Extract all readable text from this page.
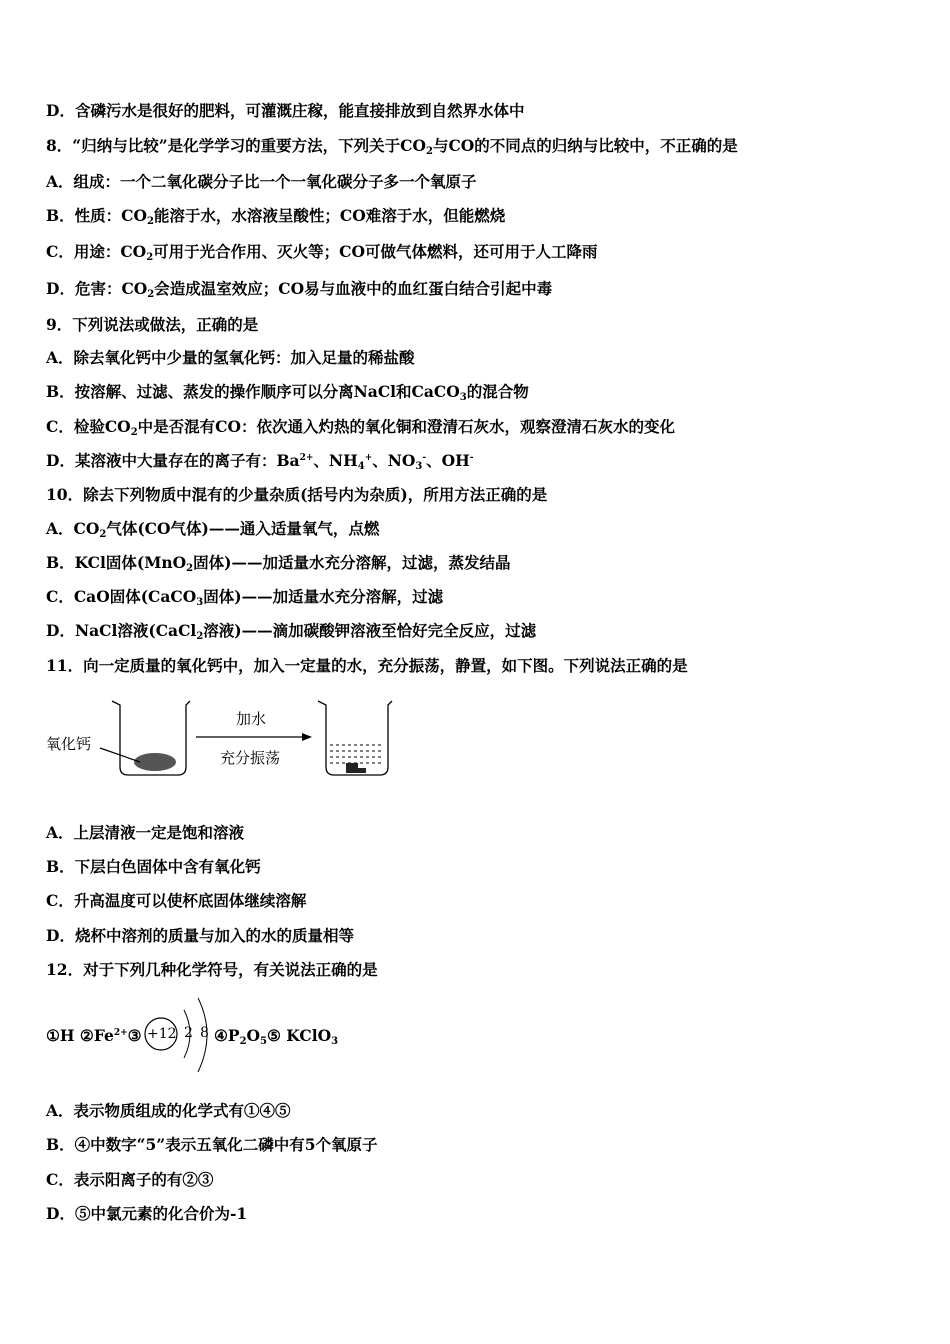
D．含磷污水是很好的肥料，可灌溉庄稼，能直接排放到自然界水体中
8．“归纳与比较”是化学学习的重要方法，下列关于$CO_2$与CO的不同点的归纳与比较中，不正确的是
A．组成：一个二氧化碳分子比一个一氧化碳分子多一个氧原子
B．性质：$CO_2$能溶于水，水溶液呈酸性；CO难溶于水，但能燃烧
C．用途：$CO_2$可用于光合作用、灭火等；CO可做气体燃料，还可用于人工降雨
D．危害：$CO_2$会造成温室效应；CO易与血液中的血红蛋白结合引起中毒
9．下列说法或做法，正确的是
A．除去氧化钙中少量的氢氧化钙：加入足量的稀盐酸
B．按溶解、过滤、蒸发的操作顺序可以分离NaCl和CaCO$_3$的混合物
C．检验$CO_2$中是否混有CO：依次通入灼热的氧化铜和澄清石灰水，观察澄清石灰水的变化
D．某溶液中大量存在的离子有：$Ba^{2+}$、$NH_4^+$、$NO_3^-$、OH-
10．除去下列物质中混有的少量杂质(括号内为杂质)，所用方法正确的是
A．$CO_2$气体(CO气体)——通入适量氧气，点燃
B．KCl固体(MnO$_2$固体)——加适量水充分溶解，过滤，蒸发结晶
C．CaO固体(CaCO$_3$固体)——加适量水充分溶解，过滤
D．NaCl溶液(CaCl$_2$溶液)——滴加碳酸钾溶液至恰好完全反应，过滤
11．向一定质量的氧化钙中，加入一定量的水，充分振荡，静置，如下图。下列说法正确的是
氧化钙
加水
充分振荡
A．上层清液一定是饱和溶液
B．下层白色固体中含有氧化钙
C．升高温度可以使杯底固体继续溶解
D．烧杯中溶剂的质量与加入的水的质量相等
12．对于下列几种化学符号，有关说法正确的是
①H $②Fe^{2+}③ +12$ 2 8 $④P_2O_5⑤$ KClO$_3$
A．表示物质组成的化学式有①④⑤
B．④中数字“5”表示五氧化二磷中有5个氧原子
C．表示阳离子的有②③
D．⑤中氯元素的化合价为-1
